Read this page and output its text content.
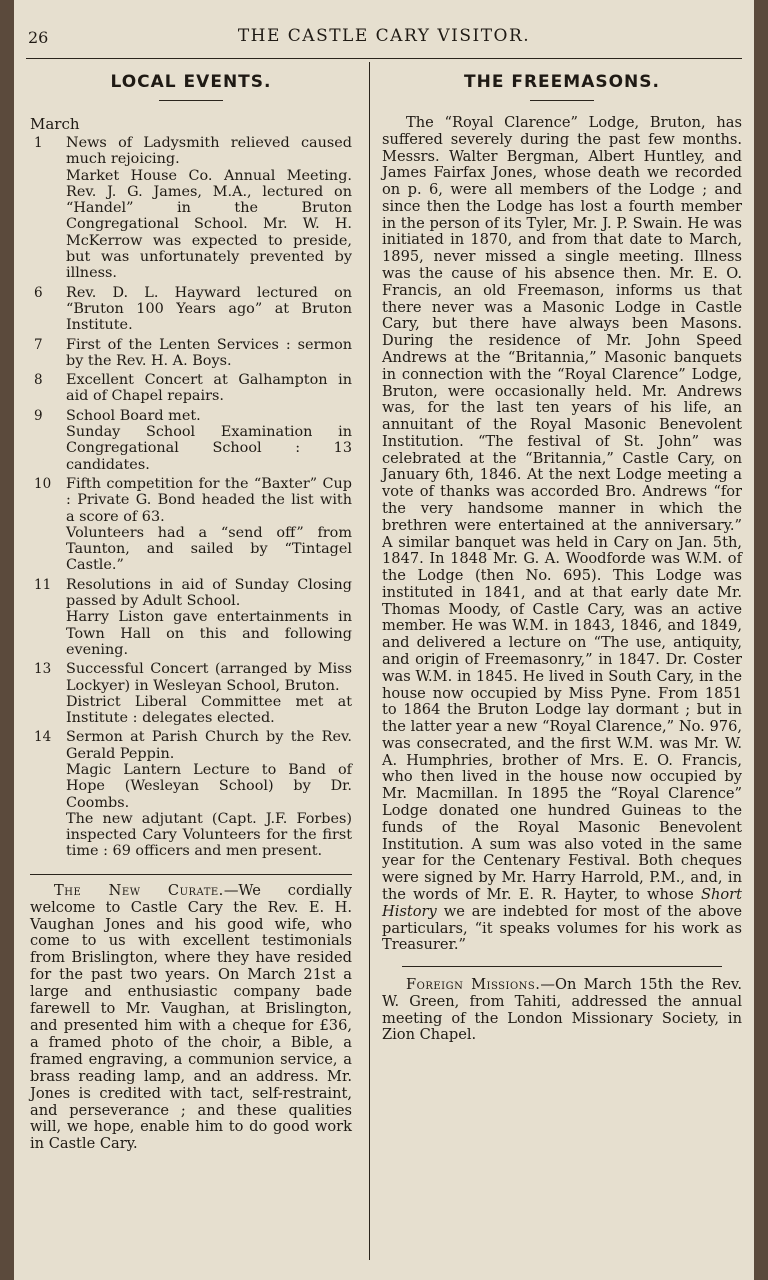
26	THE CASTLE CARY VISITOR.
LOCAL EVENTS.
March
1	News of Ladysmith relieved caused much rejoicing.

Market House Co. Annual Meeting. Rev. J. G. James, M.A., lectured on “Handel” in the Bruton Congregational School. Mr. W. H. McKerrow was expected to preside, but was unfortunately prevented by illness.

6	Rev. D. L. Hayward lectured on “Bruton 100 Years ago” at Bruton Institute.

7	First of the Lenten Services : sermon by the Rev. H. A. Boys.

8	Excellent Concert at Galhampton in aid of Chapel repairs.

9	School Board met.

Sunday School Examination in Congregational School : 13 candidates.

10	Fifth competition for the “Baxter” Cup : Private G. Bond headed the list with a score of 63.

Volunteers had a “send off” from Taunton, and sailed by “Tintagel Castle.”

11	Resolutions in aid of Sunday Closing passed by Adult School.

Harry Liston gave entertainments in Town Hall on this and following evening.

13	Successful Concert (arranged by Miss Lockyer) in Wesleyan School, Bruton.

District Liberal Committee met at Institute : delegates elected.

14	Sermon at Parish Church by the Rev. Gerald Peppin.

Magic Lantern Lecture to Band of Hope (Wesleyan School) by Dr. Coombs.

The new adjutant (Capt. J.F. Forbes) inspected Cary Volunteers for the first time : 69 officers and men present.

The New Curate.—We cordially welcome to Castle Cary the Rev. E. H. Vaughan Jones and his good wife, who come to us with excellent testimonials from Brislington, where they have resided for the past two years. On March 21st a large and enthusiastic company bade farewell to Mr. Vaughan, at Brislington, and presented him with a cheque for £36, a framed photo of the choir, a Bible, a framed engraving, a communion service, a brass reading lamp, and an address. Mr. Jones is credited with tact, self-restraint, and perseverance ; and these qualities will, we hope, enable him to do good work in Castle Cary.

THE FREEMASONS.

The “Royal Clarence” Lodge, Bruton, has suffered severely during the past few months. Messrs. Walter Bergman, Albert Huntley, and James Fairfax Jones, whose death we recorded on p. 6, were all members of the Lodge ; and since then the Lodge has lost a fourth member in the person of its Tyler, Mr. J. P. Swain. He was initiated in 1870, and from that date to March, 1895, never missed a single meeting. Illness was the cause of his absence then. Mr. E. O. Francis, an old Freemason, informs us that there never was a Masonic Lodge in Castle Cary, but there have always been Masons. During the residence of Mr. John Speed Andrews at the “Britannia,” Masonic banquets in connection with the “Royal Clarence” Lodge, Bruton, were occasionally held. Mr. Andrews was, for the last ten years of his life, an annuitant of the Royal Masonic Benevolent Institution. “The festival of St. John” was celebrated at the “Britannia,” Castle Cary, on January 6th, 1846. At the next Lodge meeting a vote of thanks was accorded Bro. Andrews “for the very handsome manner in which the brethren were entertained at the anniversary.” A similar banquet was held in Cary on Jan. 5th, 1847. In 1848 Mr. G. A. Woodforde was W.M. of the Lodge (then No. 695). This Lodge was instituted in 1841, and at that early date Mr. Thomas Moody, of Castle Cary, was an active member. He was W.M. in 1843, 1846, and 1849, and delivered a lecture on “The use, antiquity, and origin of Freemasonry,” in 1847. Dr. Coster was W.M. in 1845. He lived in South Cary, in the house now occupied by Miss Pyne. From 1851 to 1864 the Bruton Lodge lay dormant ; but in the latter year a new “Royal Clarence,” No. 976, was consecrated, and the first W.M. was Mr. W. A. Humphries, brother of Mrs. E. O. Francis, who then lived in the house now occupied by Mr. Macmillan. In 1895 the “Royal Clarence” Lodge donated one hundred Guineas to the funds of the Royal Masonic Benevolent Institution. A sum was also voted in the same year for the Centenary Festival. Both cheques were signed by Mr. Harry Harrold, P.M., and, in the words of Mr. E. R. Hayter, to whose Short History we are indebted for most of the above particulars, “it speaks volumes for his work as Treasurer.”

Foreign Missions.—On March 15th the Rev. W. Green, from Tahiti, addressed the annual meeting of the London Missionary Society, in Zion Chapel.
